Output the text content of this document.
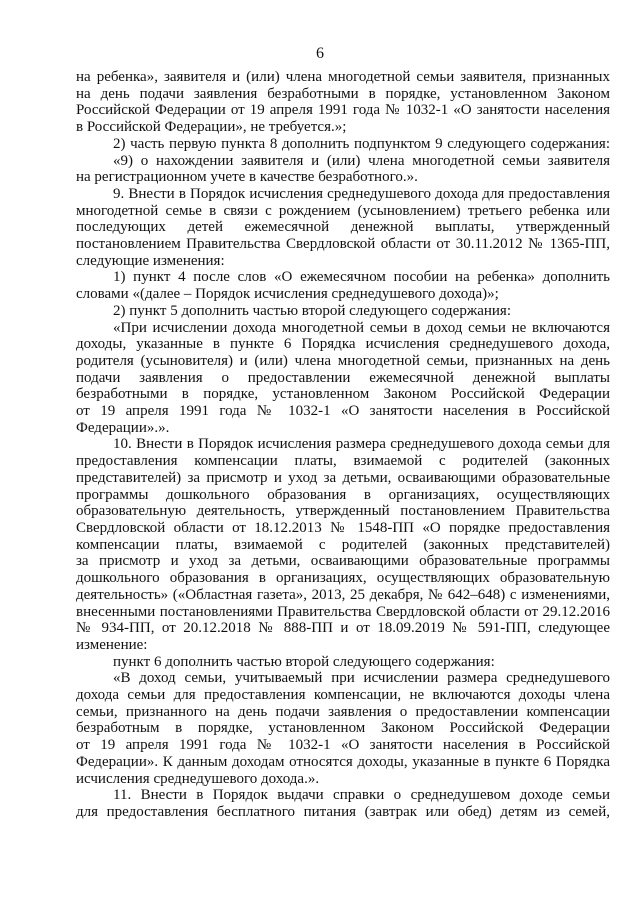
6

на ребенка», заявителя и (или) члена многодетной семьи заявителя, признанных

на день подачи заявления безработными в порядке, установленном Законом

Российской Федерации от 19 апреля 1991 года № 1032-1 «О занятости населения

в Российской Федерации», не требуется.»;

2) часть первую пункта 8 дополнить подпунктом 9 следующего содержания:

«9) о нахождении заявителя и (или) члена многодетной семьи заявителя

на регистрационном учете в качестве безработного.».

9. Внести в Порядок исчисления среднедушевого дохода для предоставления

многодетной семье в связи с рождением (усыновлением) третьего ребенка или

последующих детей ежемесячной денежной выплаты, утвержденный

постановлением Правительства Свердловской области от 30.11.2012 № 1365-ПП,

следующие изменения:

1) пункт 4 после слов «О ежемесячном пособии на ребенка» дополнить

словами «(далее – Порядок исчисления среднедушевого дохода)»;

2) пункт 5 дополнить частью второй следующего содержания:

«При исчислении дохода многодетной семьи в доход семьи не включаются

доходы, указанные в пункте 6 Порядка исчисления среднедушевого дохода,

родителя (усыновителя) и (или) члена многодетной семьи, признанных на день

подачи заявления о предоставлении ежемесячной денежной выплаты

безработными в порядке, установленном Законом Российской Федерации

от 19 апреля 1991 года № 1032-1 «О занятости населения в Российской

Федерации».».

10. Внести в Порядок исчисления размера среднедушевого дохода семьи для

предоставления компенсации платы, взимаемой с родителей (законных

представителей) за присмотр и уход за детьми, осваивающими образовательные

программы дошкольного образования в организациях, осуществляющих

образовательную деятельность, утвержденный постановлением Правительства

Свердловской области от 18.12.2013 № 1548-ПП «О порядке предоставления

компенсации платы, взимаемой с родителей (законных представителей)

за присмотр и уход за детьми, осваивающими образовательные программы

дошкольного образования в организациях, осуществляющих образовательную

деятельность» («Областная газета», 2013, 25 декабря, № 642–648) с изменениями,

внесенными постановлениями Правительства Свердловской области от 29.12.2016

№ 934-ПП, от 20.12.2018 № 888-ПП и от 18.09.2019 № 591-ПП, следующее

изменение:

пункт 6 дополнить частью второй следующего содержания:

«В доход семьи, учитываемый при исчислении размера среднедушевого

дохода семьи для предоставления компенсации, не включаются доходы члена

семьи, признанного на день подачи заявления о предоставлении компенсации

безработным в порядке, установленном Законом Российской Федерации

от 19 апреля 1991 года № 1032-1 «О занятости населения в Российской

Федерации». К данным доходам относятся доходы, указанные в пункте 6 Порядка

исчисления среднедушевого дохода.».

11. Внести в Порядок выдачи справки о среднедушевом доходе семьи

для предоставления бесплатного питания (завтрак или обед) детям из семей,
